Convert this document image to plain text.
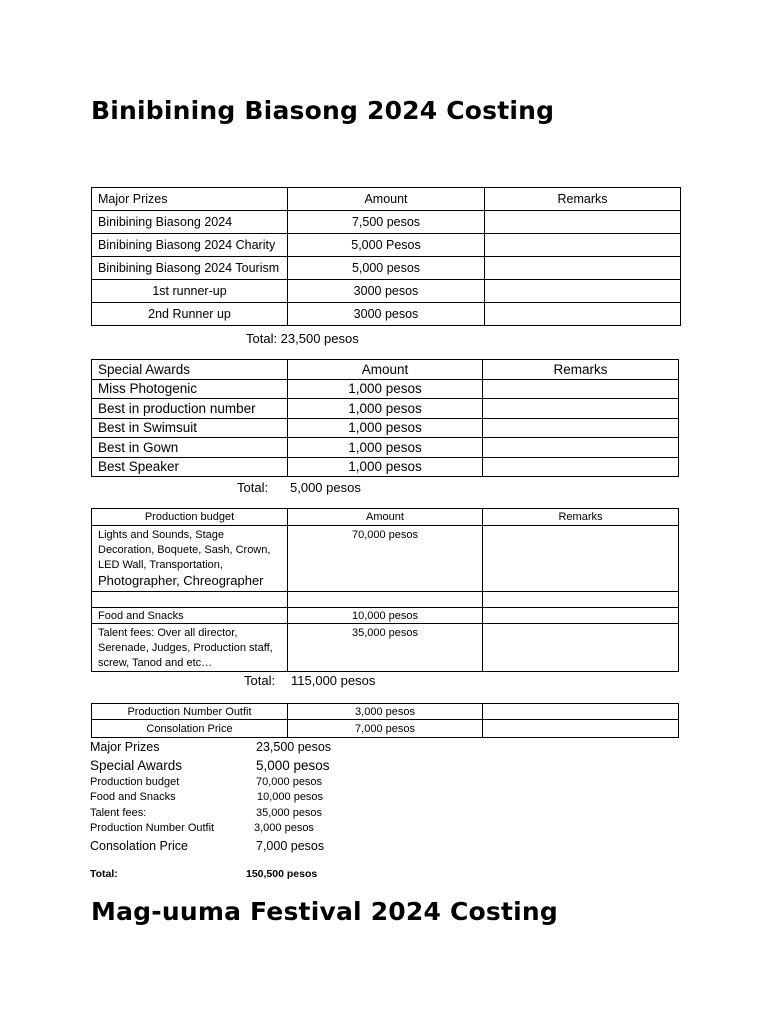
Binibining Biasong 2024 Costing
Major Prizes	Amount	Remarks
Binibining Biasong 2024	7,500 pesos	
Binibining Biasong 2024 Charity	5,000 Pesos	
Binibining Biasong 2024 Tourism	5,000 pesos	
1st runner-up	3000 pesos	
2nd Runner up	3000 pesos	
Total: 23,500 pesos
Special Awards	Amount	Remarks
Miss Photogenic	1,000 pesos	
Best in production number	1,000 pesos	
Best in Swimsuit	1,000 pesos	
Best in Gown	1,000 pesos	
Best Speaker	1,000 pesos	
Total: 5,000 pesos
Production budget	Amount	Remarks

Lights and Sounds, Stage Decoration, Boquete, Sash, Crown, LED Wall, Transportation,
Photographer, Chreographer	70,000 pesos	

Food and Snacks	10,000 pesos	
Talent fees: Over all director, Serenade, Judges, Production staff, screw, Tanod and etc…	35,000 pesos	
Total: 115,000 pesos
Production Number Outfit	3,000 pesos	
Consolation Price	7,000 pesos	
Major Prizes	23,500 pesos
Special Awards	5,000 pesos
Production budget	70,000 pesos
Food and Snacks	10,000 pesos
Talent fees:	35,000 pesos
Production Number Outfit	3,000 pesos
Consolation Price	7,000 pesos
Total:	150,500 pesos
Mag-uuma Festival 2024 Costing
